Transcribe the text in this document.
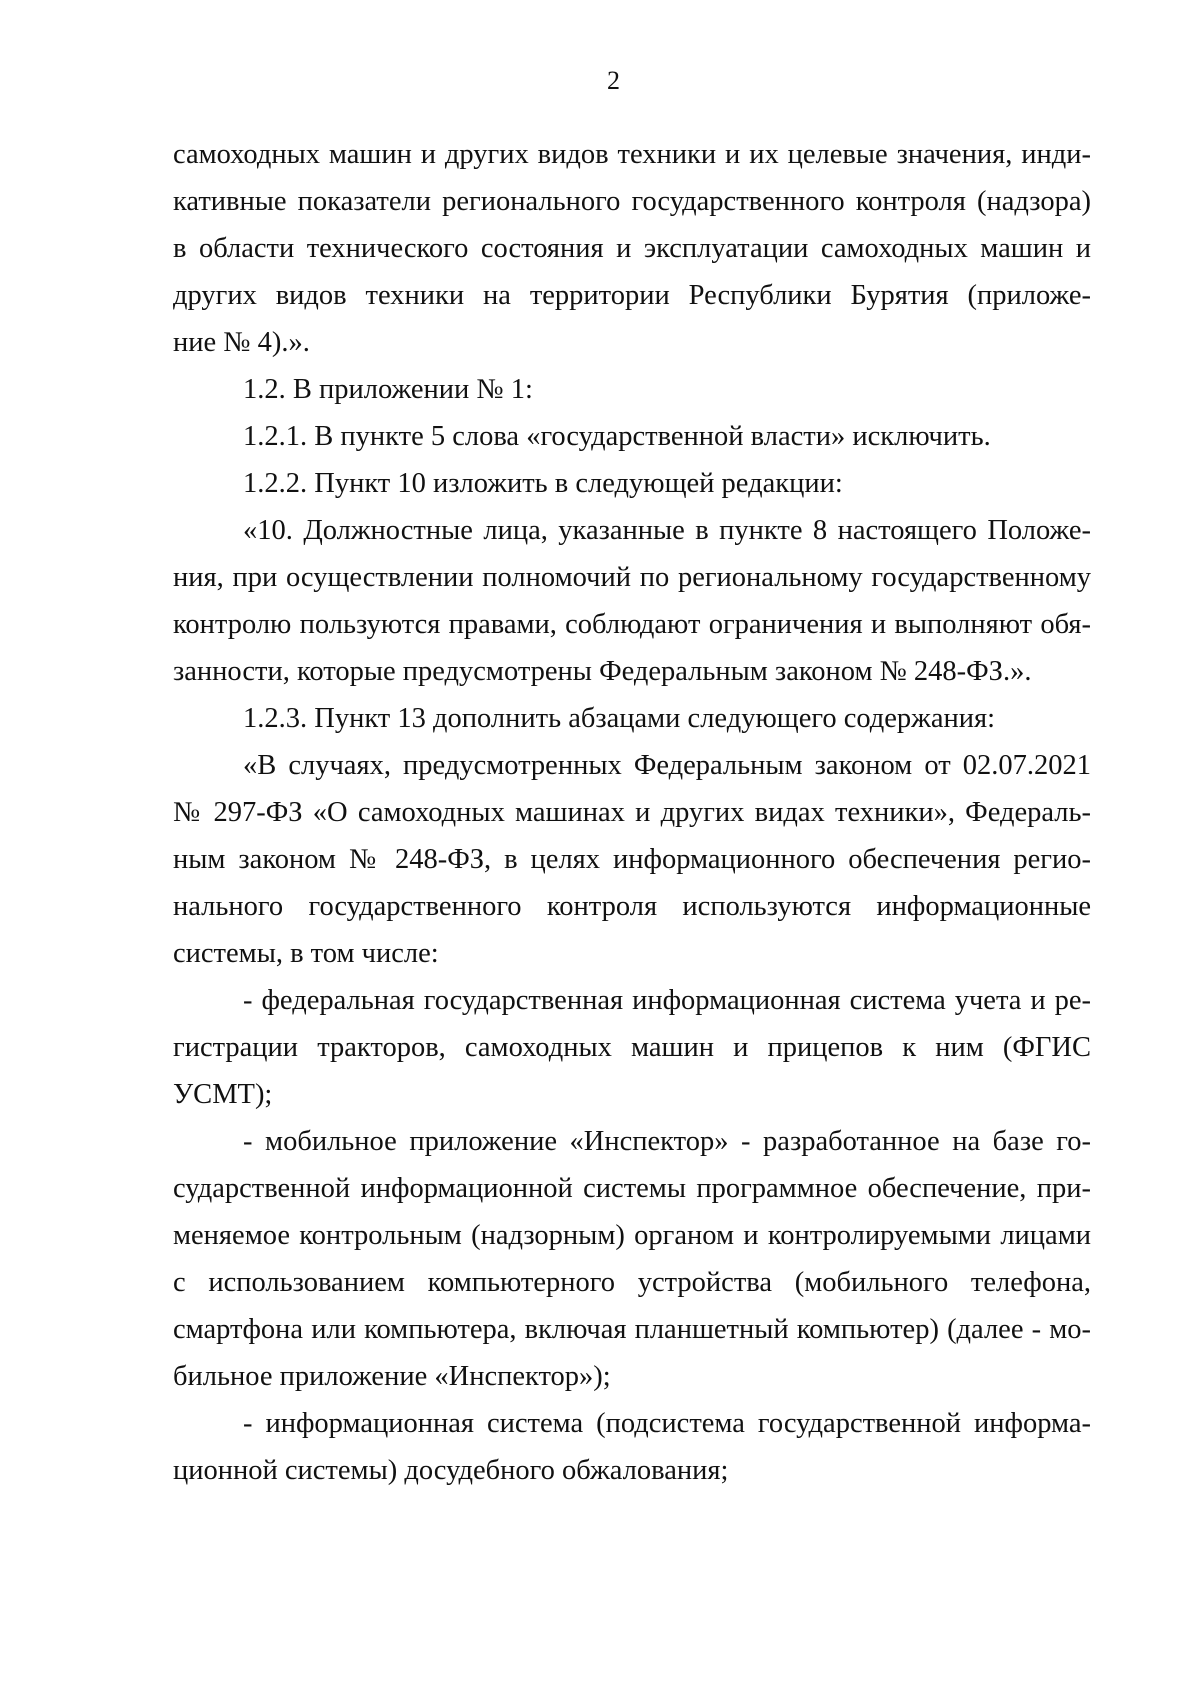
2
самоходных машин и других видов техники и их целевые значения, инди-
кативные показатели регионального государственного контроля (надзора)
в области технического состояния и эксплуатации самоходных машин и
других видов техники на территории Республики Бурятия (приложе-
ние № 4).».
1.2. В приложении № 1:
1.2.1. В пункте 5 слова «государственной власти» исключить.
1.2.2. Пункт 10 изложить в следующей редакции:
«10. Должностные лица, указанные в пункте 8 настоящего Положе-
ния, при осуществлении полномочий по региональному государственному
контролю пользуются правами, соблюдают ограничения и выполняют обя-
занности, которые предусмотрены Федеральным законом № 248-ФЗ.».
1.2.3. Пункт 13 дополнить абзацами следующего содержания:
«В случаях, предусмотренных Федеральным законом от 02.07.2021
№ 297-ФЗ «О самоходных машинах и других видах техники», Федераль-
ным законом № 248-ФЗ, в целях информационного обеспечения регио-
нального государственного контроля используются информационные
системы, в том числе:
- федеральная государственная информационная система учета и ре-
гистрации тракторов, самоходных машин и прицепов к ним (ФГИС
УСМТ);
- мобильное приложение «Инспектор» - разработанное на базе го-
сударственной информационной системы программное обеспечение, при-
меняемое контрольным (надзорным) органом и контролируемыми лицами
с использованием компьютерного устройства (мобильного телефона,
смартфона или компьютера, включая планшетный компьютер) (далее - мо-
бильное приложение «Инспектор»);
- информационная система (подсистема государственной информа-
ционной системы) досудебного обжалования;
